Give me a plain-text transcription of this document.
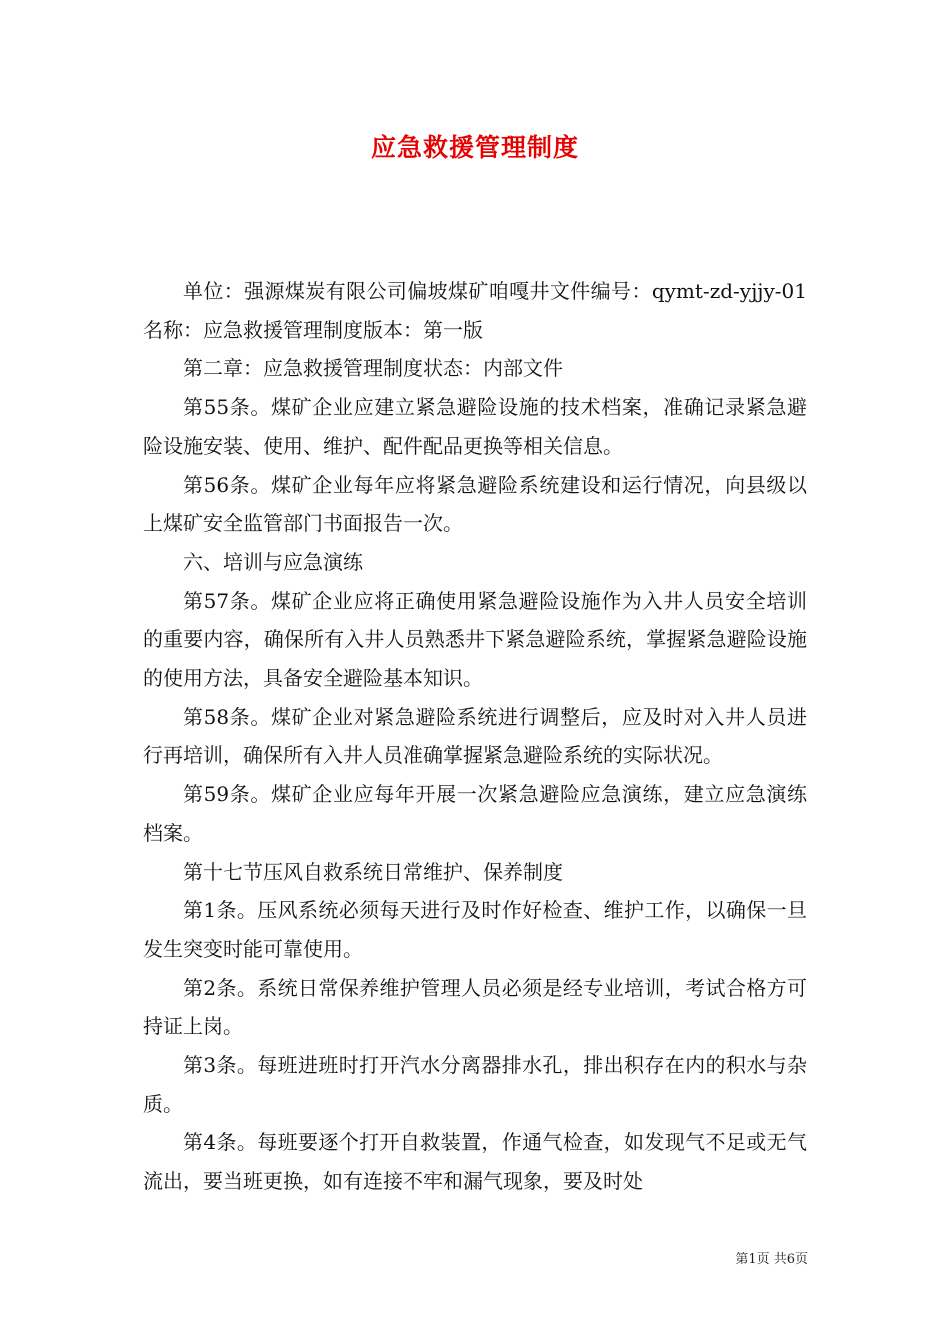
应急救援管理制度

单位：强源煤炭有限公司偏坡煤矿咱嘎井文件编号：qymt-zd-yjjy-01名称：应急救援管理制度版本：第一版

第二章：应急救援管理制度状态：内部文件

第55条。煤矿企业应建立紧急避险设施的技术档案，准确记录紧急避险设施安装、使用、维护、配件配品更换等相关信息。

第56条。煤矿企业每年应将紧急避险系统建设和运行情况，向县级以上煤矿安全监管部门书面报告一次。

六、培训与应急演练

第57条。煤矿企业应将正确使用紧急避险设施作为入井人员安全培训的重要内容，确保所有入井人员熟悉井下紧急避险系统，掌握紧急避险设施的使用方法，具备安全避险基本知识。

第58条。煤矿企业对紧急避险系统进行调整后，应及时对入井人员进行再培训，确保所有入井人员准确掌握紧急避险系统的实际状况。

第59条。煤矿企业应每年开展一次紧急避险应急演练，建立应急演练档案。

第十七节压风自救系统日常维护、保养制度

第1条。压风系统必须每天进行及时作好检查、维护工作，以确保一旦发生突变时能可靠使用。

第2条。系统日常保养维护管理人员必须是经专业培训，考试合格方可持证上岗。

第3条。每班进班时打开汽水分离器排水孔，排出积存在内的积水与杂质。

第4条。每班要逐个打开自救装置，作通气检查，如发现气不足或无气流出，要当班更换，如有连接不牢和漏气现象，要及时处

第1页 共6页
